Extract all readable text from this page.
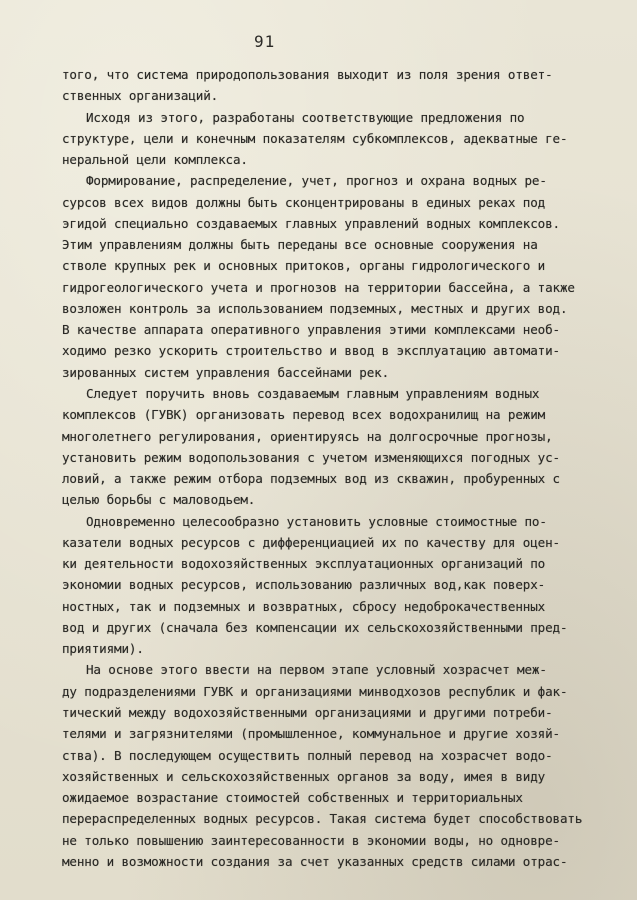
91
того, что система природопользования выходит из поля зрения ответ-
ственных организаций.
Исходя из этого, разработаны соответствующие предложения по
структуре, цели и конечным показателям субкомплексов, адекватные ге-
неральной цели комплекса.
Формирование, распределение, учет, прогноз и охрана водных ре-
сурсов всех видов должны быть сконцентрированы в единых реках под
эгидой специально создаваемых главных управлений водных комплексов.
Этим управлениям должны быть переданы все основные сооружения на
стволе крупных рек и основных притоков, органы гидрологического и
гидрогеологического учета и прогнозов на территории бассейна, а также
возложен контроль за использованием подземных, местных и других вод.
В качестве аппарата оперативного управления этими комплексами необ-
ходимо резко ускорить строительство и ввод в эксплуатацию автомати-
зированных систем управления бассейнами рек.
Следует поручить вновь создаваемым главным управлениям водных
комплексов (ГУВК) организовать перевод всех водохранилищ на режим
многолетнего регулирования, ориентируясь на долгосрочные прогнозы,
установить режим водопользования с учетом изменяющихся погодных ус-
ловий, а также режим отбора подземных вод из скважин, пробуренных с
целью борьбы с маловодьем.
Одновременно целесообразно установить условные стоимостные по-
казатели водных ресурсов с дифференциацией их по качеству для оцен-
ки деятельности водохозяйственных эксплуатационных организаций по
экономии водных ресурсов, использованию различных вод,как поверх-
ностных, так и подземных и возвратных, сбросу недоброкачественных
вод и других (сначала без компенсации их сельскохозяйственными пред-
приятиями).
На основе этого ввести на первом этапе условный хозрасчет меж-
ду подразделениями ГУВК и организациями минводхозов республик и фак-
тический между водохозяйственными организациями и другими потреби-
телями и загрязнителями (промышленное, коммунальное и другие хозяй-
ства). В последующем осуществить полный перевод на хозрасчет водо-
хозяйственных и сельскохозяйственных органов за воду, имея в виду
ожидаемое возрастание стоимостей собственных и территориальных
перераспределенных водных ресурсов. Такая система будет способствовать
не только повышению заинтересованности в экономии воды, но одновре-
менно и возможности создания за счет указанных средств силами отрас-
